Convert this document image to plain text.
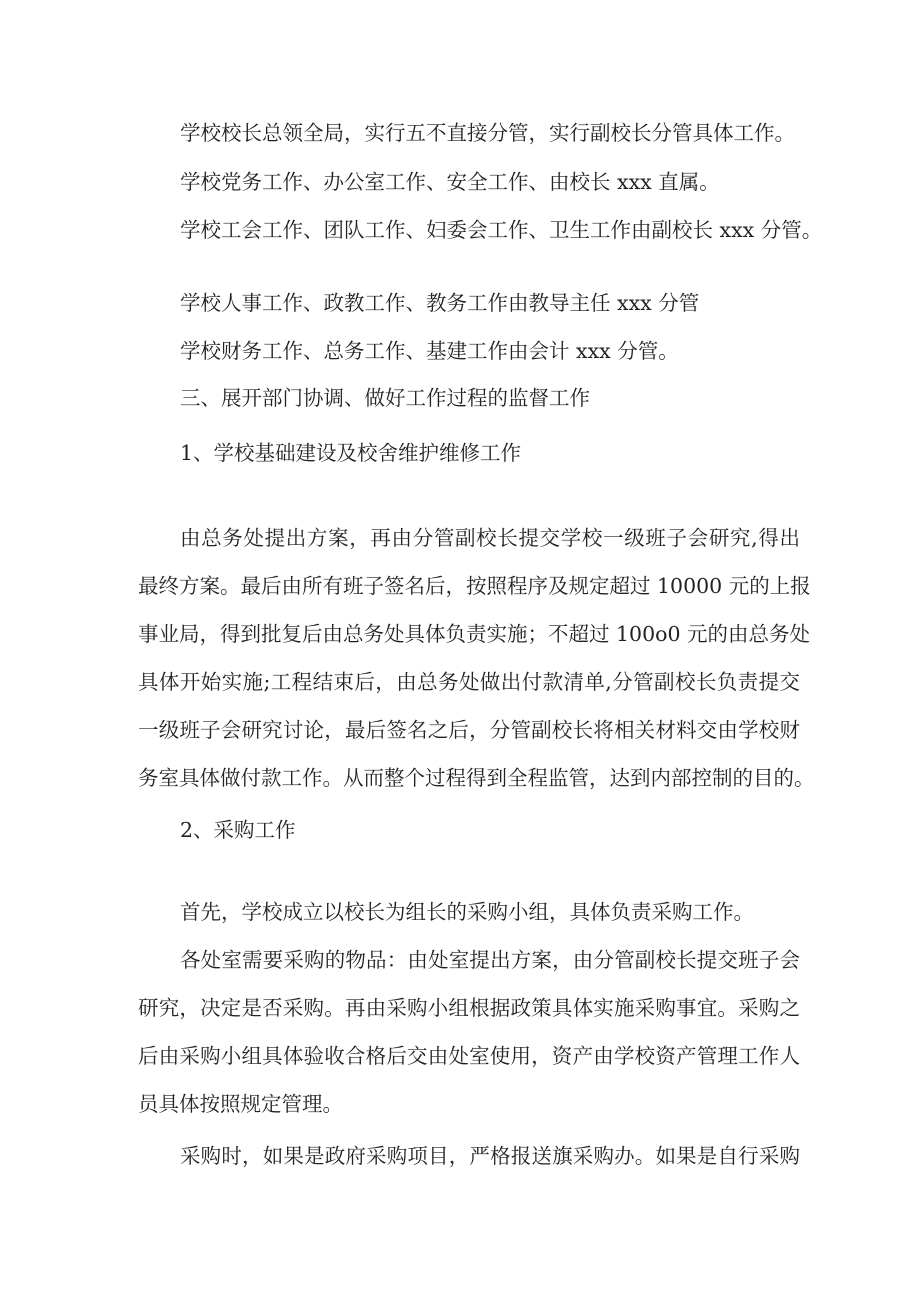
学校校长总领全局，实行五不直接分管，实行副校长分管具体工作。
学校党务工作、办公室工作、安全工作、由校长 xxx 直属。
学校工会工作、团队工作、妇委会工作、卫生工作由副校长 xxx 分管。
学校人事工作、政教工作、教务工作由教导主任 xxx 分管
学校财务工作、总务工作、基建工作由会计 xxx 分管。
三、展开部门协调、做好工作过程的监督工作
1、学校基础建设及校舍维护维修工作
由总务处提出方案，再由分管副校长提交学校一级班子会研究,得出
最终方案。最后由所有班子签名后，按照程序及规定超过 10000 元的上报
事业局，得到批复后由总务处具体负责实施；不超过 100o0 元的由总务处
具体开始实施;工程结束后，由总务处做出付款清单,分管副校长负责提交
一级班子会研究讨论，最后签名之后，分管副校长将相关材料交由学校财
务室具体做付款工作。从而整个过程得到全程监管，达到内部控制的目的。
2、采购工作
首先，学校成立以校长为组长的采购小组，具体负责采购工作。
各处室需要采购的物品：由处室提出方案，由分管副校长提交班子会
研究，决定是否采购。再由采购小组根据政策具体实施采购事宜。采购之
后由采购小组具体验收合格后交由处室使用，资产由学校资产管理工作人
员具体按照规定管理。
采购时，如果是政府采购项目，严格报送旗采购办。如果是自行采购
